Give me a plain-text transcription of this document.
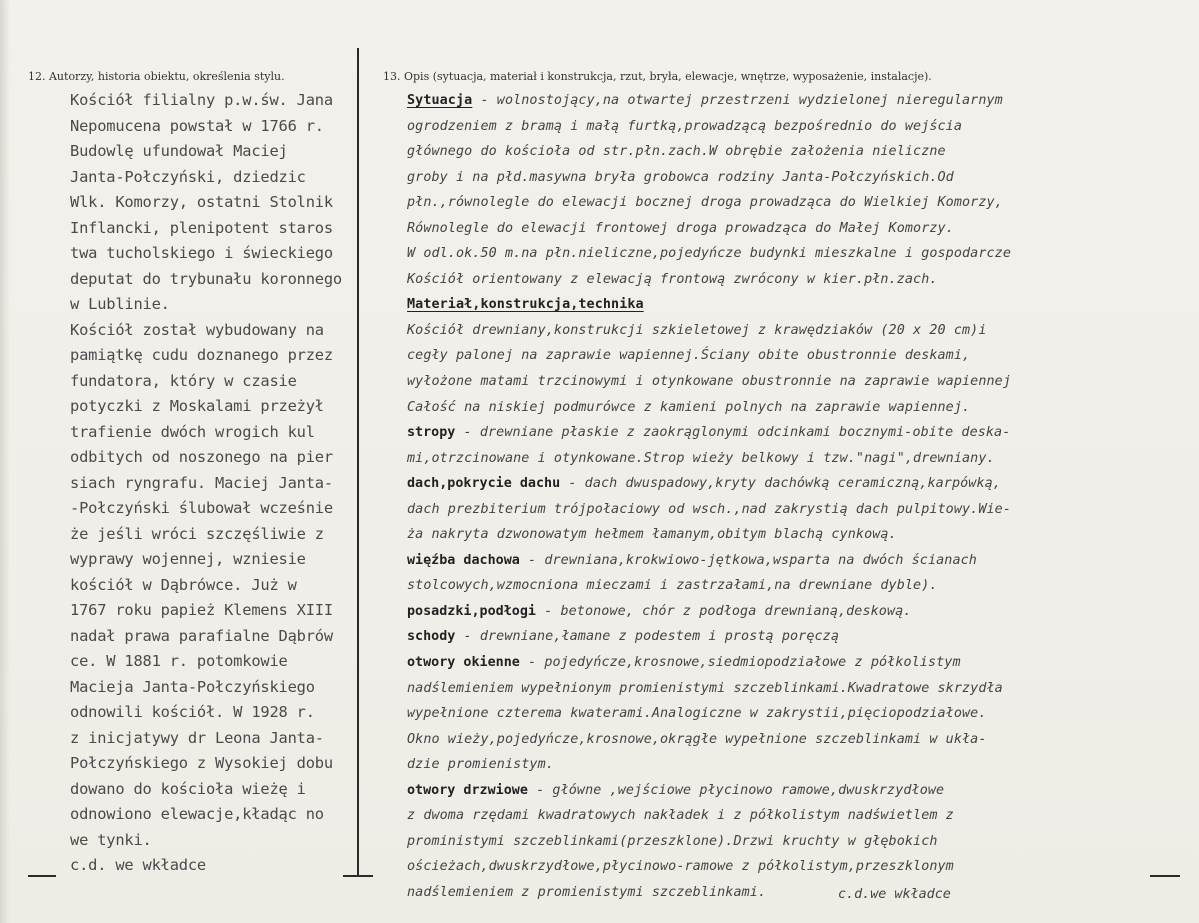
12. Autorzy, historia obiektu, określenia stylu.	13. Opis (sytuacja, materiał i konstrukcja, rzut, bryła, elewacje, wnętrze, wyposażenie, instalacje).
Kościół filialny p.w.św. Jana
Nepomucena powstał w 1766 r.
Budowlę ufundował Maciej
Janta-Połczyński, dziedzic
Wlk. Komorzy, ostatni Stolnik
Inflancki, plenipotent staros
twa tucholskiego i świeckiego
deputat do trybunału koronnego
w Lublinie.
Kościół został wybudowany na
pamiątkę cudu doznanego przez
fundatora, który w czasie
potyczki z Moskalami przeżył
trafienie dwóch wrogich kul
odbitych od noszonego na pier
siach ryngrafu. Maciej Janta-
-Połczyński ślubował wcześnie
że jeśli wróci szczęśliwie z
wyprawy wojennej, wzniesie
kościół w Dąbrówce. Już w
1767 roku papież Klemens XIII
nadał prawa parafialne Dąbrów
ce. W 1881 r. potomkowie
Macieja Janta-Połczyńskiego
odnowili kościół. W 1928 r.
z inicjatywy dr Leona Janta-
Połczyńskiego z Wysokiej dobu
dowano do kościoła wieżę i
odnowiono elewacje,kładąc no
we tynki.
c.d. we wkładce
Sytuacja - wolnostojący,na otwartej przestrzeni wydzielonej nieregularnym
ogrodzeniem z bramą i małą furtką,prowadzącą bezpośrednio do wejścia
głównego do kościoła od str.płn.zach.W obrębie założenia nieliczne
groby i na płd.masywna bryła grobowca rodziny Janta-Połczyńskich.Od
płn.,równolegle do elewacji bocznej droga prowadząca do Wielkiej Komorzy,
Równolegle do elewacji frontowej droga prowadząca do Małej Komorzy.
W odl.ok.50 m.na płn.nieliczne,pojedyńcze budynki mieszkalne i gospodarcze
Kościół orientowany z elewacją frontową zwrócony w kier.płn.zach.
Materiał,konstrukcja,technika
Kościół drewniany,konstrukcji szkieletowej z krawędziaków (20 x 20 cm)i
cegły palonej na zaprawie wapiennej.Ściany obite obustronnie deskami,
wyłożone matami trzcinowymi i otynkowane obustronnie na zaprawie wapiennej
Całość na niskiej podmurówce z kamieni polnych na zaprawie wapiennej.
stropy - drewniane płaskie z zaokrąglonymi odcinkami bocznymi-obite deska-
mi,otrzcinowane i otynkowane.Strop wieży belkowy i tzw."nagi",drewniany.
dach,pokrycie dachu - dach dwuspadowy,kryty dachówką ceramiczną,karpówką,
dach prezbiterium trójpołaciowy od wsch.,nad zakrystią dach pulpitowy.Wie-
ża nakryta dzwonowatym hełmem łamanym,obitym blachą cynkową.
więźba dachowa - drewniana,krokwiowo-jętkowa,wsparta na dwóch ścianach
stolcowych,wzmocniona mieczami i zastrzałami,na drewniane dyble).
posadzki,podłogi - betonowe, chór z podłoga drewnianą,deskową.
schody - drewniane,łamane z podestem i prostą poręczą
otwory okienne - pojedyńcze,krosnowe,siedmiopodziałowe z półkolistym
nadślemieniem wypełnionym promienistymi szczeblinkami.Kwadratowe skrzydła
wypełnione czterema kwaterami.Analogiczne w zakrystii,pięciopodziałowe.
Okno wieży,pojedyńcze,krosnowe,okrągłe wypełnione szczeblinkami w ukła-
dzie promienistym.
otwory drzwiowe - główne ,wejściowe płycinowo ramowe,dwuskrzydłowe
z dwoma rzędami kwadratowych nakładek i z półkolistym nadświetlem z
proministymi szczeblinkami(przeszklone).Drzwi kruchty w głębokich
ościeżach,dwuskrzydłowe,płycinowo-ramowe z półkolistym,przeszklonym
nadślemieniem z promienistymi szczeblinkami.	c.d.we wkładce
